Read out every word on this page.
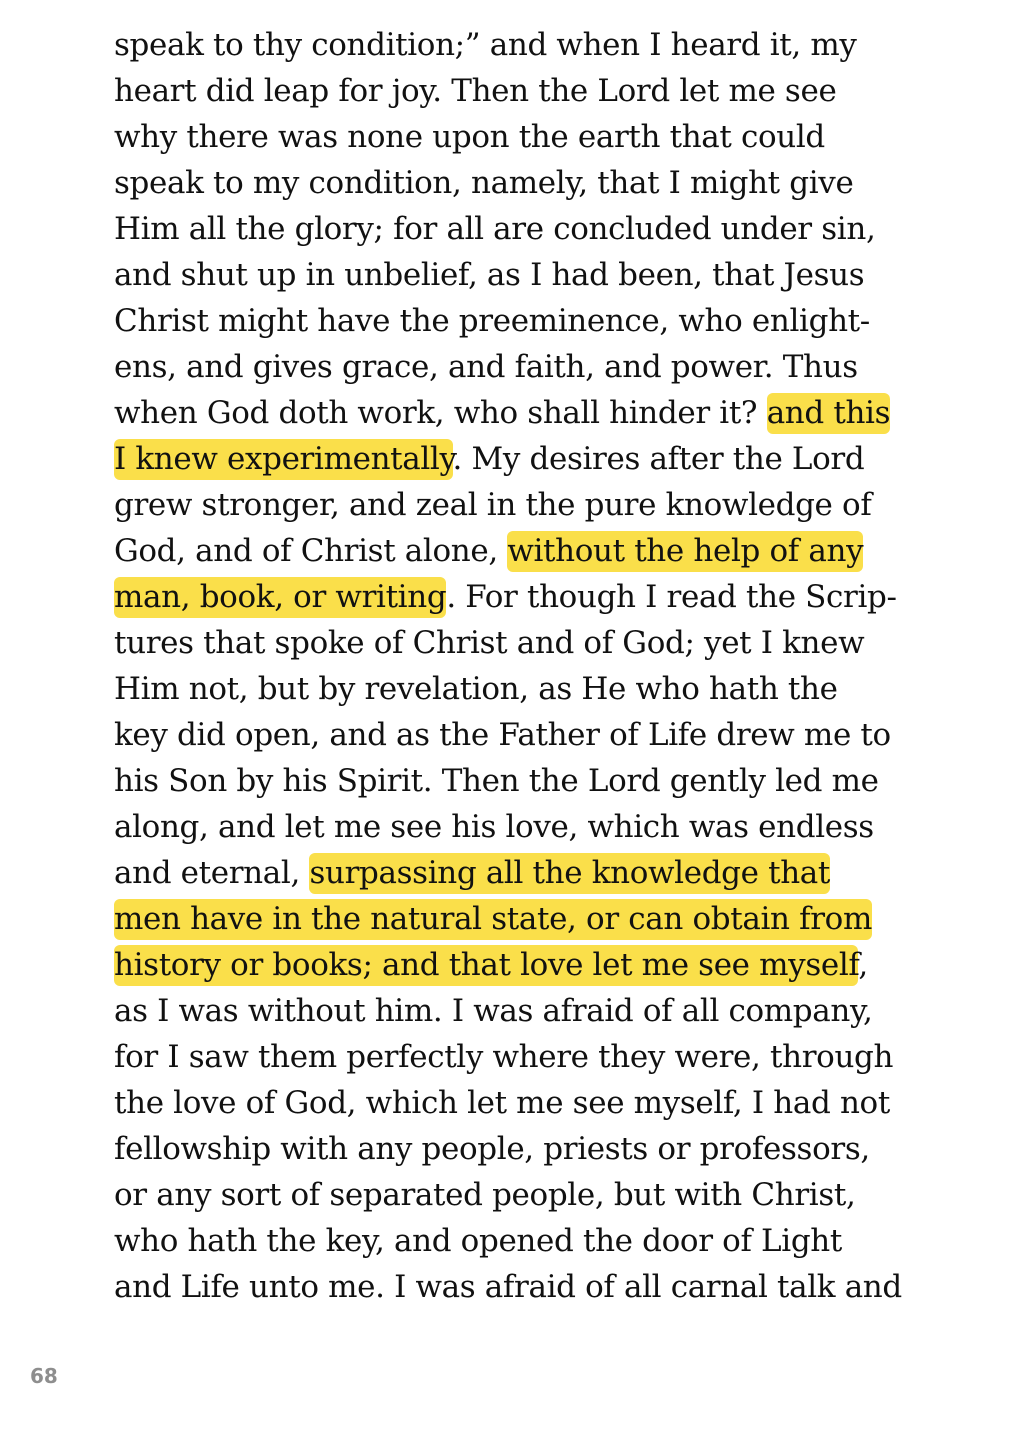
speak to thy condition;” and when I heard it, my
heart did leap for joy. Then the Lord let me see
why there was none upon the earth that could
speak to my condition, namely, that I might give
Him all the glory; for all are concluded under sin,
and shut up in unbelief, as I had been, that Jesus
Christ might have the preeminence, who enlight-
ens, and gives grace, and faith, and power. Thus
when God doth work, who shall hinder it? and this
I knew experimentally. My desires after the Lord
grew stronger, and zeal in the pure knowledge of
God, and of Christ alone, without the help of any
man, book, or writing. For though I read the Scrip-
tures that spoke of Christ and of God; yet I knew
Him not, but by revelation, as He who hath the
key did open, and as the Father of Life drew me to
his Son by his Spirit. Then the Lord gently led me
along, and let me see his love, which was endless
and eternal, surpassing all the knowledge that
men have in the natural state, or can obtain from
history or books; and that love let me see myself,
as I was without him. I was afraid of all company,
for I saw them perfectly where they were, through
the love of God, which let me see myself, I had not
fellowship with any people, priests or professors,
or any sort of separated people, but with Christ,
who hath the key, and opened the door of Light
and Life unto me. I was afraid of all carnal talk and
68
